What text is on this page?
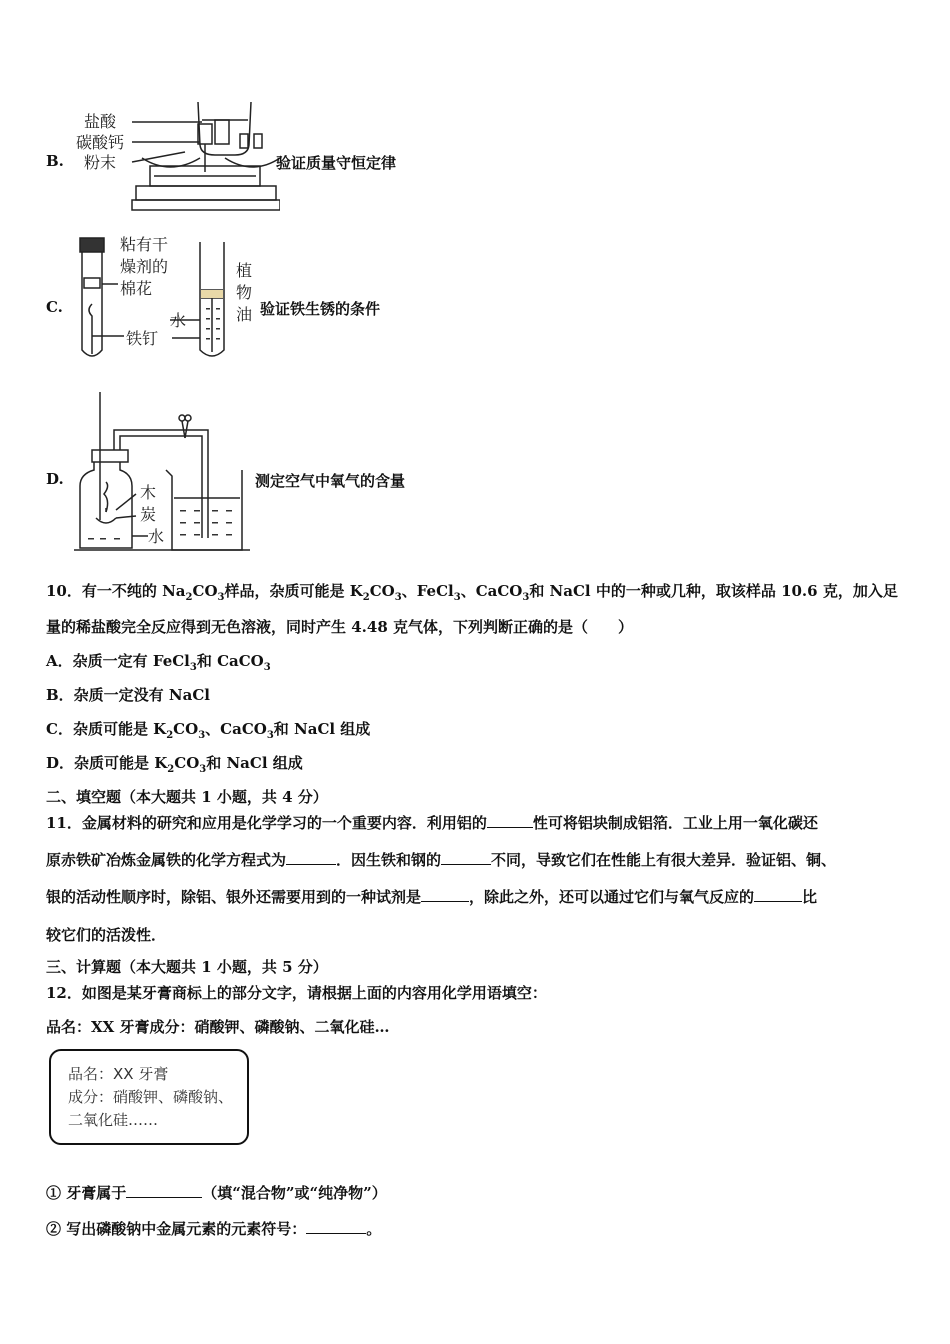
B.
盐酸
碳酸钙
粉末	验证质量守恒定律
C.
粘有干
燥剂的
棉花
铁钉
植
物
油
水
验证铁生锈的条件
D.
木
炭
水
测定空气中氧气的含量
10．有一不纯的 $Na_2CO_3$样品，杂质可能是 $K_2CO_3$、FeCl$_3$、CaCO$_3$和 NaCl 中的一种或几种，取该样品 10.6 克，加入足
量的稀盐酸完全反应得到无色溶液，同时产生 4.48 克气体，下列判断正确的是（　　）
A．杂质一定有 FeCl$_3$和 CaCO$_3$
B．杂质一定没有 NaCl
C．杂质可能是 $K_2CO_3$、CaCO$_3$和 NaCl 组成
D．杂质可能是 $K_2CO_3$和 NaCl 组成
二、填空题（本大题共 1 小题，共 4 分）
11．金属材料的研究和应用是化学学习的一个重要内容．利用铝的	性可将铝块制成铝箔．工业上用一氧化碳还
原赤铁矿冶炼金属铁的化学方程式为	．因生铁和钢的	不同，导致它们在性能上有很大差异．验证铝、铜、
银的活动性顺序时，除铝、银外还需要用到的一种试剂是	，除此之外，还可以通过它们与氧气反应的	比
较它们的活泼性．
三、计算题（本大题共 1 小题，共 5 分）
12．如图是某牙膏商标上的部分文字，请根据上面的内容用化学用语填空：
品名：XX 牙膏成分：硝酸钾、磷酸钠、二氧化硅…
品名：XX 牙膏
成分：硝酸钾、磷酸钠、
二氧化硅……
① 牙膏属于	（填“混合物”或“纯净物”）
② 写出磷酸钠中金属元素的元素符号：	。
